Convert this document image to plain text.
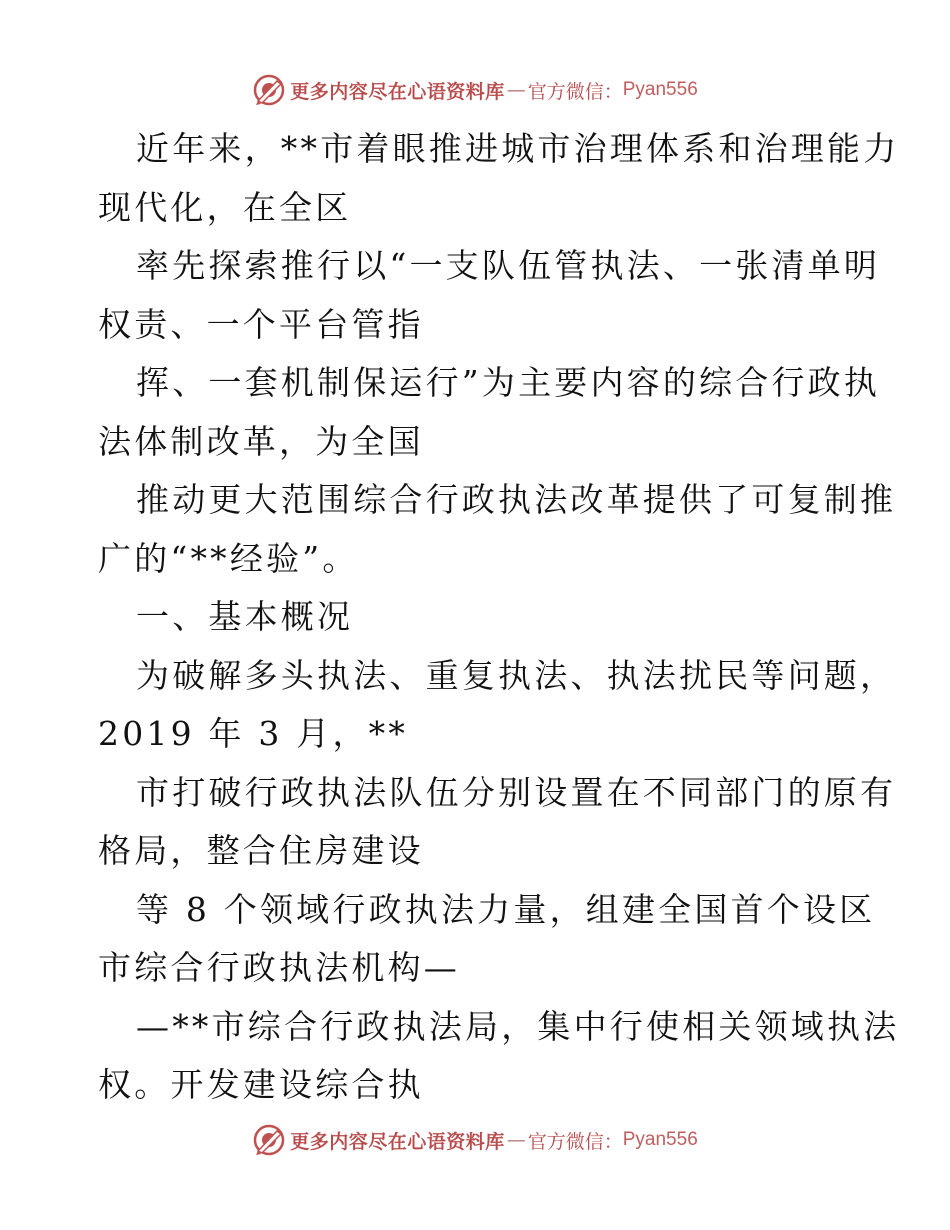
更多内容尽在心语资料库 — 官方微信： Pyan556
近年来，**市着眼推进城市治理体系和治理能力
现代化，在全区
率先探索推行以“一支队伍管执法、一张清单明
权责、一个平台管指
挥、一套机制保运行”为主要内容的综合行政执
法体制改革，为全国
推动更大范围综合行政执法改革提供了可复制推
广的“**经验”。
一、基本概况
为破解多头执法、重复执法、执法扰民等问题，
2019 年 3 月，**
市打破行政执法队伍分别设置在不同部门的原有
格局，整合住房建设
等 8 个领域行政执法力量，组建全国首个设区
市综合行政执法机构—
—**市综合行政执法局，集中行使相关领域执法
权。开发建设综合执
更多内容尽在心语资料库 — 官方微信： Pyan556
